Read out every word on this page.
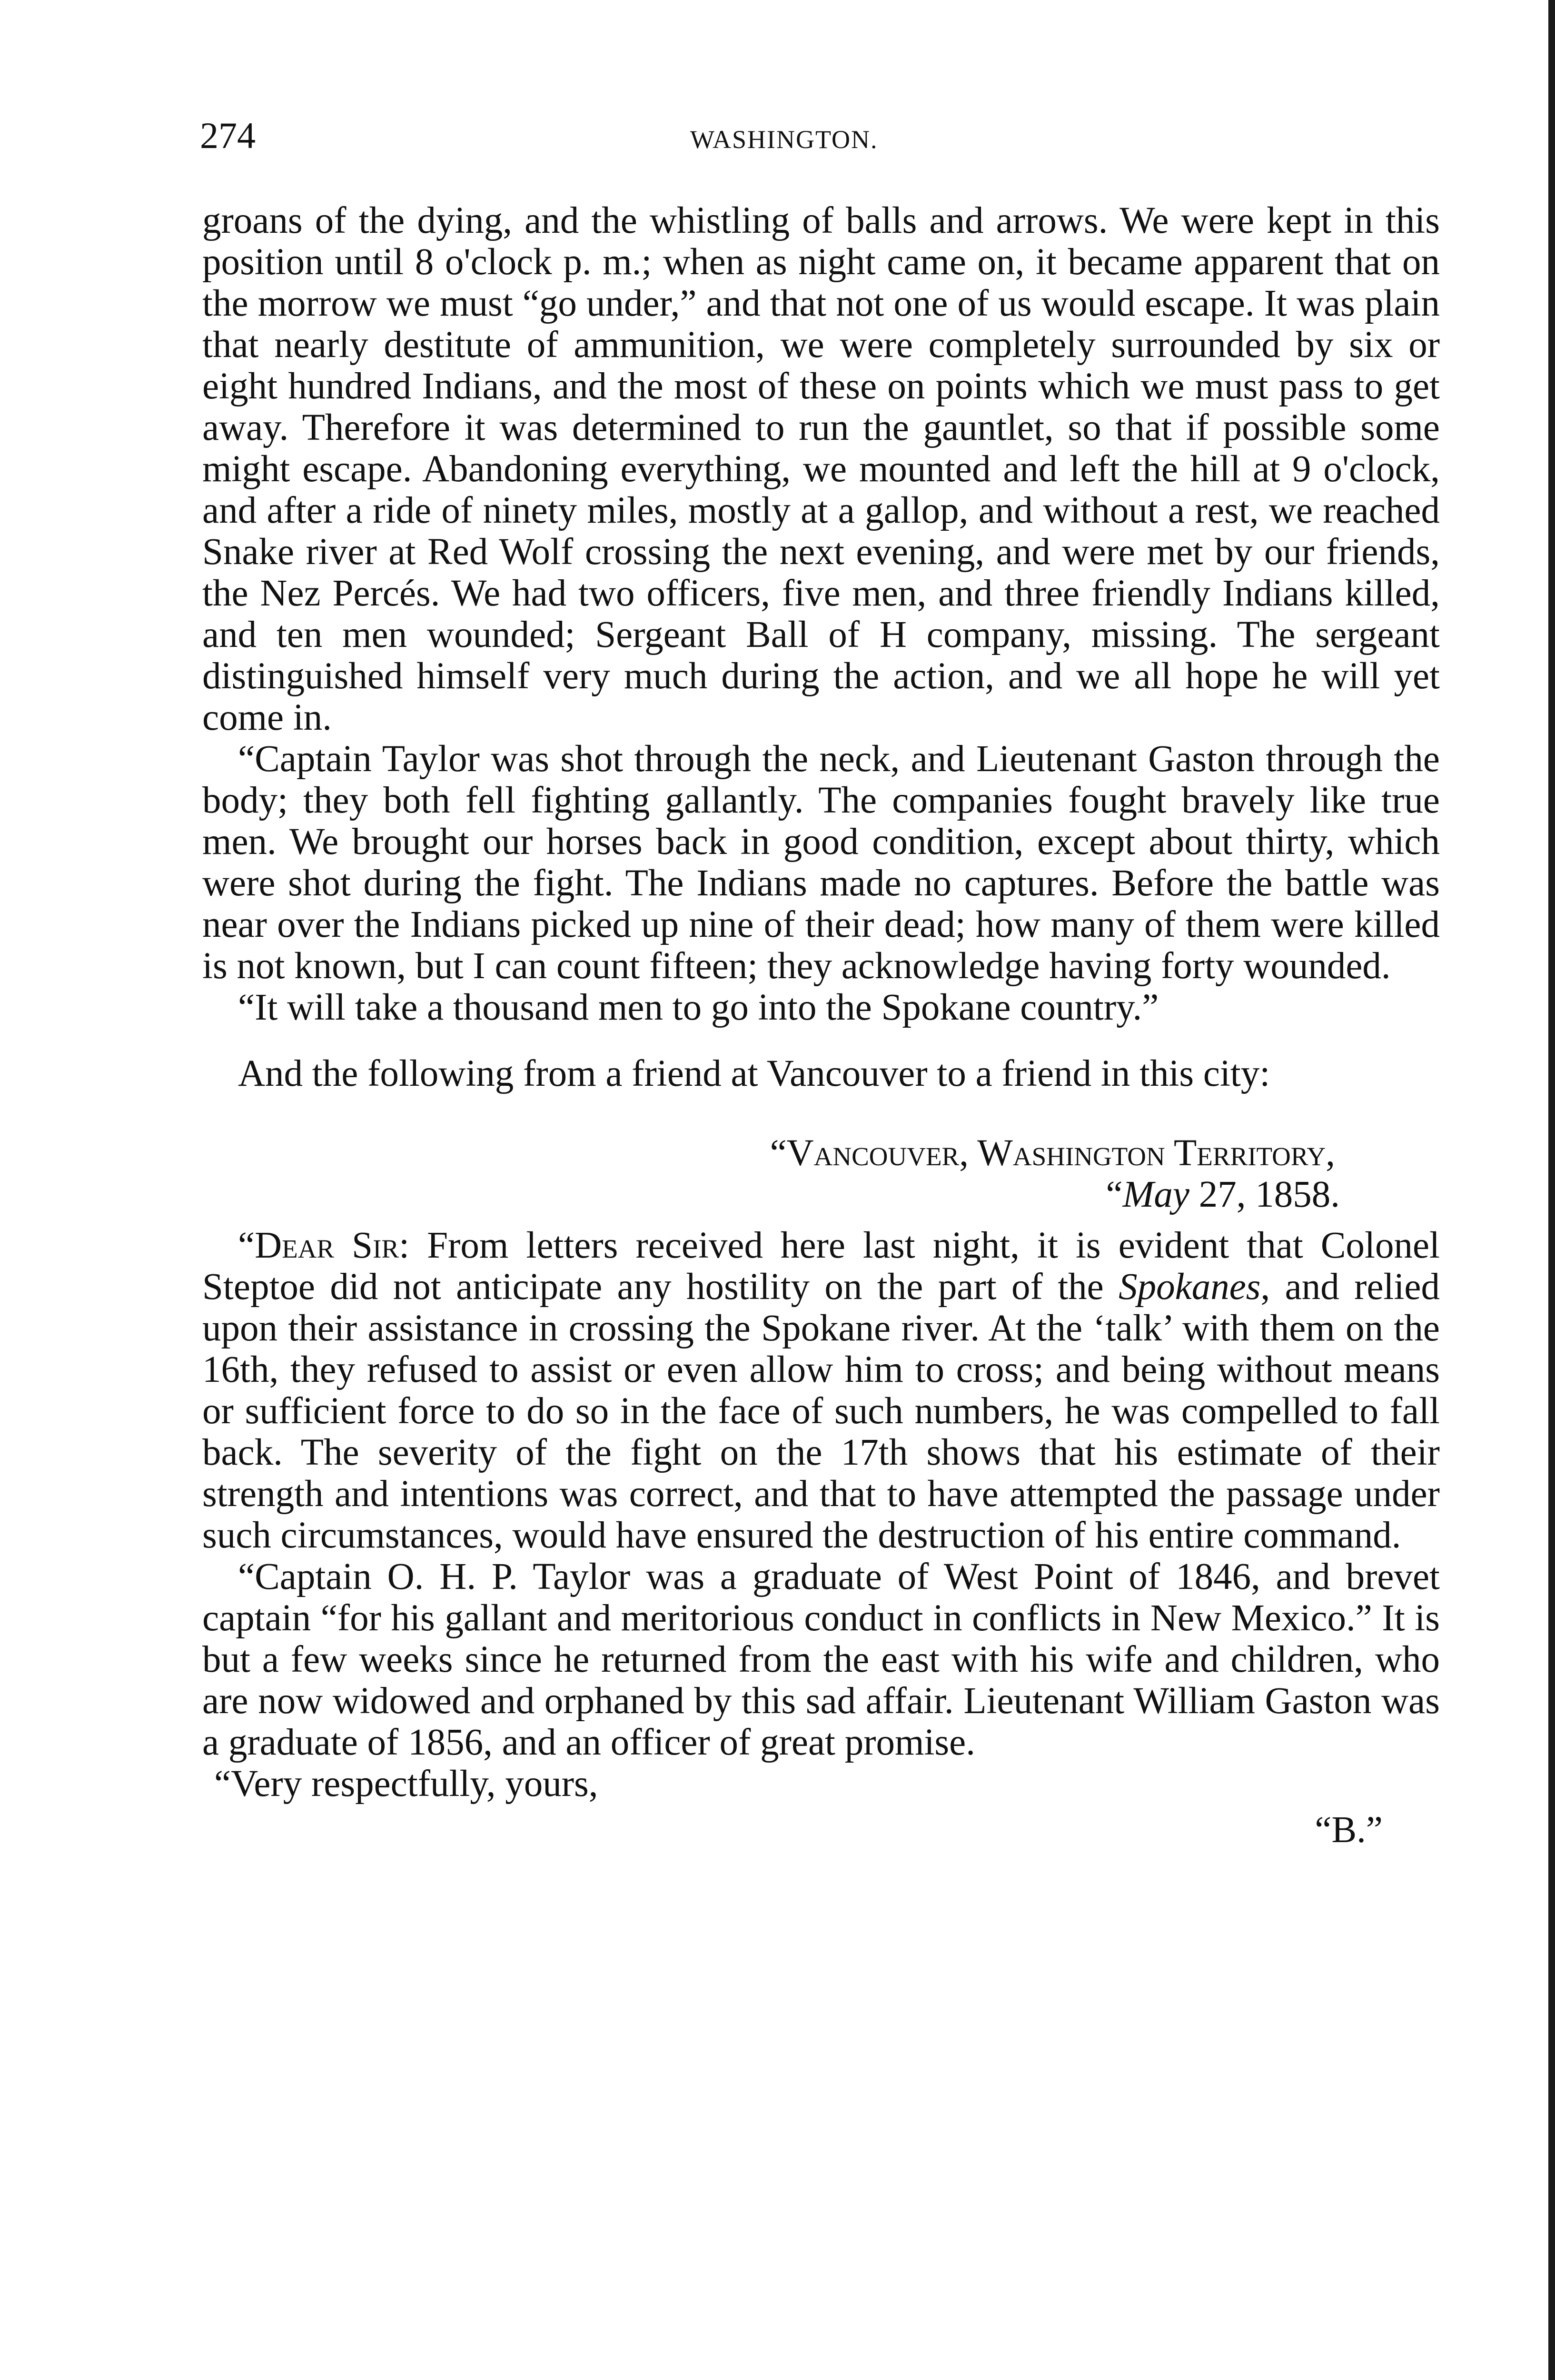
274	WASHINGTON.

groans of the dying, and the whistling of balls and arrows. We were kept in this position until 8 o'clock p. m.; when as night came on, it became apparent that on the morrow we must “go under,” and that not one of us would escape. It was plain that nearly destitute of ammunition, we were completely surrounded by six or eight hundred Indians, and the most of these on points which we must pass to get away. Therefore it was determined to run the gauntlet, so that if possible some might escape. Abandoning everything, we mounted and left the hill at 9 o'clock, and after a ride of ninety miles, mostly at a gallop, and without a rest, we reached Snake river at Red Wolf crossing the next evening, and were met by our friends, the Nez Percés. We had two officers, five men, and three friendly Indians killed, and ten men wounded; Sergeant Ball of H company, missing. The sergeant distinguished himself very much during the action, and we all hope he will yet come in.

“Captain Taylor was shot through the neck, and Lieutenant Gaston through the body; they both fell fighting gallantly. The companies fought bravely like true men. We brought our horses back in good condition, except about thirty, which were shot during the fight. The Indians made no captures. Before the battle was near over the Indians picked up nine of their dead; how many of them were killed is not known, but I can count fifteen; they acknowledge having forty wounded.

“It will take a thousand men to go into the Spokane country.”

And the following from a friend at Vancouver to a friend in this city:

“Vancouver, Washington Territory,

“May 27, 1858.

“Dear Sir: From letters received here last night, it is evident that Colonel Steptoe did not anticipate any hostility on the part of the Spokanes, and relied upon their assistance in crossing the Spokane river. At the ‘talk’ with them on the 16th, they refused to assist or even allow him to cross; and being without means or sufficient force to do so in the face of such numbers, he was compelled to fall back. The severity of the fight on the 17th shows that his estimate of their strength and intentions was correct, and that to have attempted the passage under such circumstances, would have ensured the destruction of his entire command.

“Captain O. H. P. Taylor was a graduate of West Point of 1846, and brevet captain “for his gallant and meritorious conduct in conflicts in New Mexico.” It is but a few weeks since he returned from the east with his wife and children, who are now widowed and orphaned by this sad affair. Lieutenant William Gaston was a graduate of 1856, and an officer of great promise.

“Very respectfully, yours,

“B.”
